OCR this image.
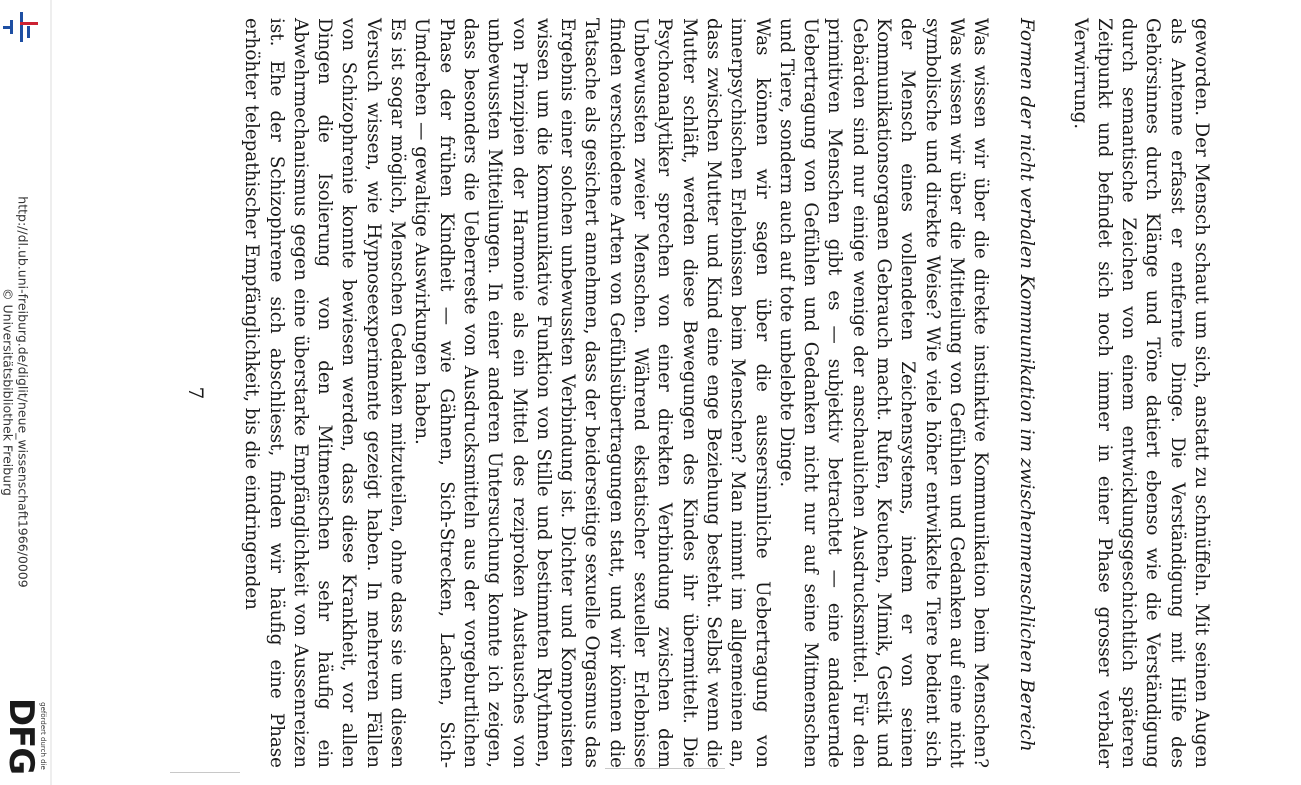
http://dl.ub.uni-freiburg.de/diglit/neue_wissenschaft1966/0009
© Universitätsbibliothek Freiburg
gefördert durch die
DFG	geworden. Der Mensch schaut um sich, anstatt zu schnüffeln. Mit seinen Augen als Antenne erfasst er entfernte Dinge. Die Verständigung mit Hilfe des Gehörsinnes durch Klänge und Töne datiert ebenso wie die Verständigung durch semantische Zeichen von einem entwicklungsgeschichtlich späteren Zeitpunkt und befindet sich noch immer in einer Phase grosser verbaler Verwirrung.

Formen der nicht verbalen Kommunikation im zwischenmenschlichen Bereich

Was wissen wir über die direkte instinktive Kommunikation beim Menschen? Was wissen wir über die Mitteilung von Gefühlen und Gedanken auf eine nicht symbolische und direkte Weise? Wie viele höher entwikkelte Tiere bedient sich der Mensch eines vollendeten Zeichensystems, indem er von seinen Kommunikationsorganen Gebrauch macht. Rufen, Keuchen, Mimik, Gestik und Gebärden sind nur einige wenige der anschaulichen Ausdrucksmittel. Für den primitiven Menschen gibt es — subjektiv betrachtet — eine andauernde Uebertragung von Gefühlen und Gedanken nicht nur auf seine Mitmenschen und Tiere, sondern auch auf tote unbelebte Dinge.

Was können wir sagen über die aussersinnliche Uebertragung von innerpsychischen Erlebnissen beim Menschen? Man nimmt im allgemeinen an, dass zwischen Mutter und Kind eine enge Beziehung besteht. Selbst wenn die Mutter schläft, werden diese Bewegungen des Kindes ihr übermittelt. Die Psychoanalytiker sprechen von einer direkten Verbindung zwischen dem Unbewussten zweier Menschen. Während ekstatischer sexueller Erlebnisse finden verschiedene Arten von Gefühlsübertragungen statt, und wir können die Tatsache als gesichert annehmen, dass der beiderseitige sexuelle Orgasmus das Ergebnis einer solchen unbewussten Verbindung ist. Dichter und Komponisten wissen um die kommunikative Funktion von Stille und bestimmten Rhythmen, von Prinzipien der Harmonie als ein Mittel des reziproken Austausches von unbewussten Mitteilungen. In einer anderen Untersuchung konnte ich zeigen, dass besonders die Ueberreste von Ausdrucksmitteln aus der vorgeburtlichen Phase der frühen Kindheit — wie Gähnen, Sich-Strecken, Lachen, Sich-Umdrehen — gewaltige Auswirkungen haben.

Es ist sogar möglich, Menschen Gedanken mitzuteilen, ohne dass sie um diesen Versuch wissen, wie Hypnoseexperimente gezeigt haben. In mehreren Fällen von Schizophrenie konnte bewiesen werden, dass diese Krankheit, vor allen Dingen die Isolierung von den Mitmenschen sehr häufig ein Abwehrmechanismus gegen eine überstarke Empfänglichkeit von Aussenreizen ist. Ehe der Schizophrene sich abschliesst, finden wir häufig eine Phase erhöhter telepathischer Empfänglichkeit, bis die eindringenden

7
